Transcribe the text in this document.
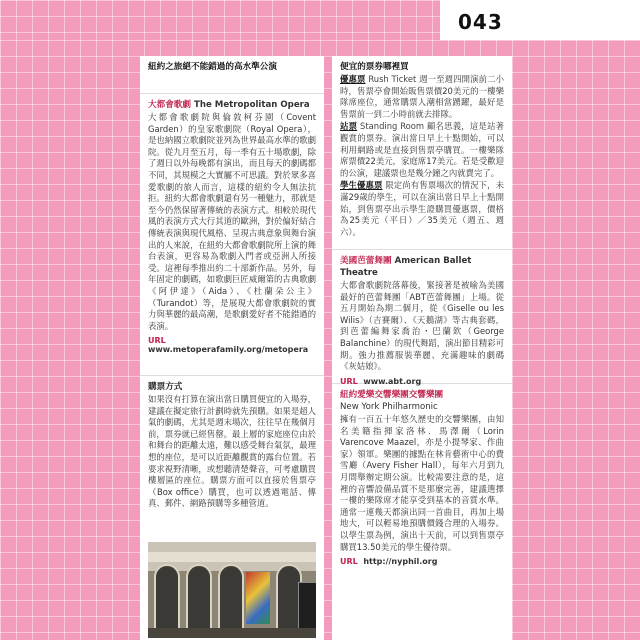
043
紐約之旅絕不能錯過的高水準公演
大都會歌劇 The Metropolitan Opera
大都會歌劇院與倫敦柯芬園（Covent Garden）的皇家歌劇院（Royal Opera），是也納國立歌劇院並列為世界最高水準的歌劇院。從九月至五月，每一季有五十場歌劇，除了週日以外每晚都有演出，而且每天的劇碼都不同，其規模之大實屬不可思議。對於眾多喜愛歌劇的旅人而言，這樣的紐約令人無法抗拒。紐約大都會歌劇還有另一種魅力，那就是至今仍然保留著傳統的表演方式。相較於現代風的表演方式大行其道的歐洲，對於偏好結合傳統表演與現代風格、呈現古典意象與舞台演出的人來說，在紐約大都會歌劇院所上演的舞台表演，更容易為歌劇入門者或亞洲人所接受。這裡每季推出約二十部新作品。另外，每年固定的劇碼，如歌劇巨匠威爾第的古典歌劇《阿伊達》（Aida）、《杜蘭朵公主》（Turandot）等，是展現大都會歌劇院的實力與華麗的最高潮，是歌劇愛好者不能錯過的表演。
URL www.metoperafamily.org/metopera
購票方式
如果沒有打算在演出當日購買便宜的入場券，建議在擬定旅行計劃時就先預購。如果是超人氣的劇碼，尤其是週末場次，往往早在幾個月前，票券就已經售罄。最上層的家庭座位由於和舞台的距離太遠，難以感受舞台氣氛，最理想的座位，是可以近距離觀賞的露台位置。若要求視野清晰，或想聽清楚聲音，可考慮購買樓層區的座位。購票方面可以直接於售票亭（Box office）購買，也可以透過電話、傳真、郵件、網路預購等多種管道。
便宜的票券哪裡買
優惠票 Rush Ticket 週一至週四開演前二小時，售票亭會開始販售票價20美元的一樓樂隊席座位，通常購票人潮相當踴躍，最好是售票前一到二小時前就去排隊。
站票 Standing Room 顧名思義，這是站著觀賞的票券。演出當日早上十點開始，可以利用網路或是直接到售票亭購買。一樓樂隊席票價22美元，家庭席17美元。若是受歡迎的公演，建議票也是幾分鐘之內就賣完了。
學生優惠票 限定尚有售票場次的情況下，未滿29歲的學生，可以在演出當日早上十點開始，到售票亭出示學生證購買優惠票，價格為25美元（平日）／35美元（週五、週六）。
美國芭蕾舞團 American Ballet Theatre
大都會歌劇院落幕後，緊接著是被喻為美國最好的芭蕾舞團「ABT芭蕾舞團」上場。從五月開始為期二個月，從《Giselle ou les Wilis》（吉賽爾）、《天鵝湖》等古典套碼，到芭蕾編舞家喬治・巴蘭欽（George Balanchine）的現代舞蹈，演出節目精彩可期。強力推薦服裝華麗、充滿趣味的劇碼《灰姑娘》。
URL www.abt.org
紐約愛樂交響樂團交響樂團
New York Philharmonic
擁有一百五十年悠久歷史的交響樂團，由知名美籍指揮家洛林．馬澤爾（Lorin Varencove Maazel，亦是小提琴家、作曲家）領軍。樂團的據點在林肯藝術中心的費雪廳（Avery Fisher Hall），每年六月到九月間舉辦定期公演。比較需要注意的是，這裡的音響設備品質不是那麼完善，建議選擇一樓的樂隊席才能享受到基本的音質水準。通常一連幾天都演出同一首曲目，再加上場地大，可以輕易地預購價錢合理的入場券。以學生票為例，演出十天前，可以到售票亭購買13.50美元的學生優待票。
URL http://nyphil.org
